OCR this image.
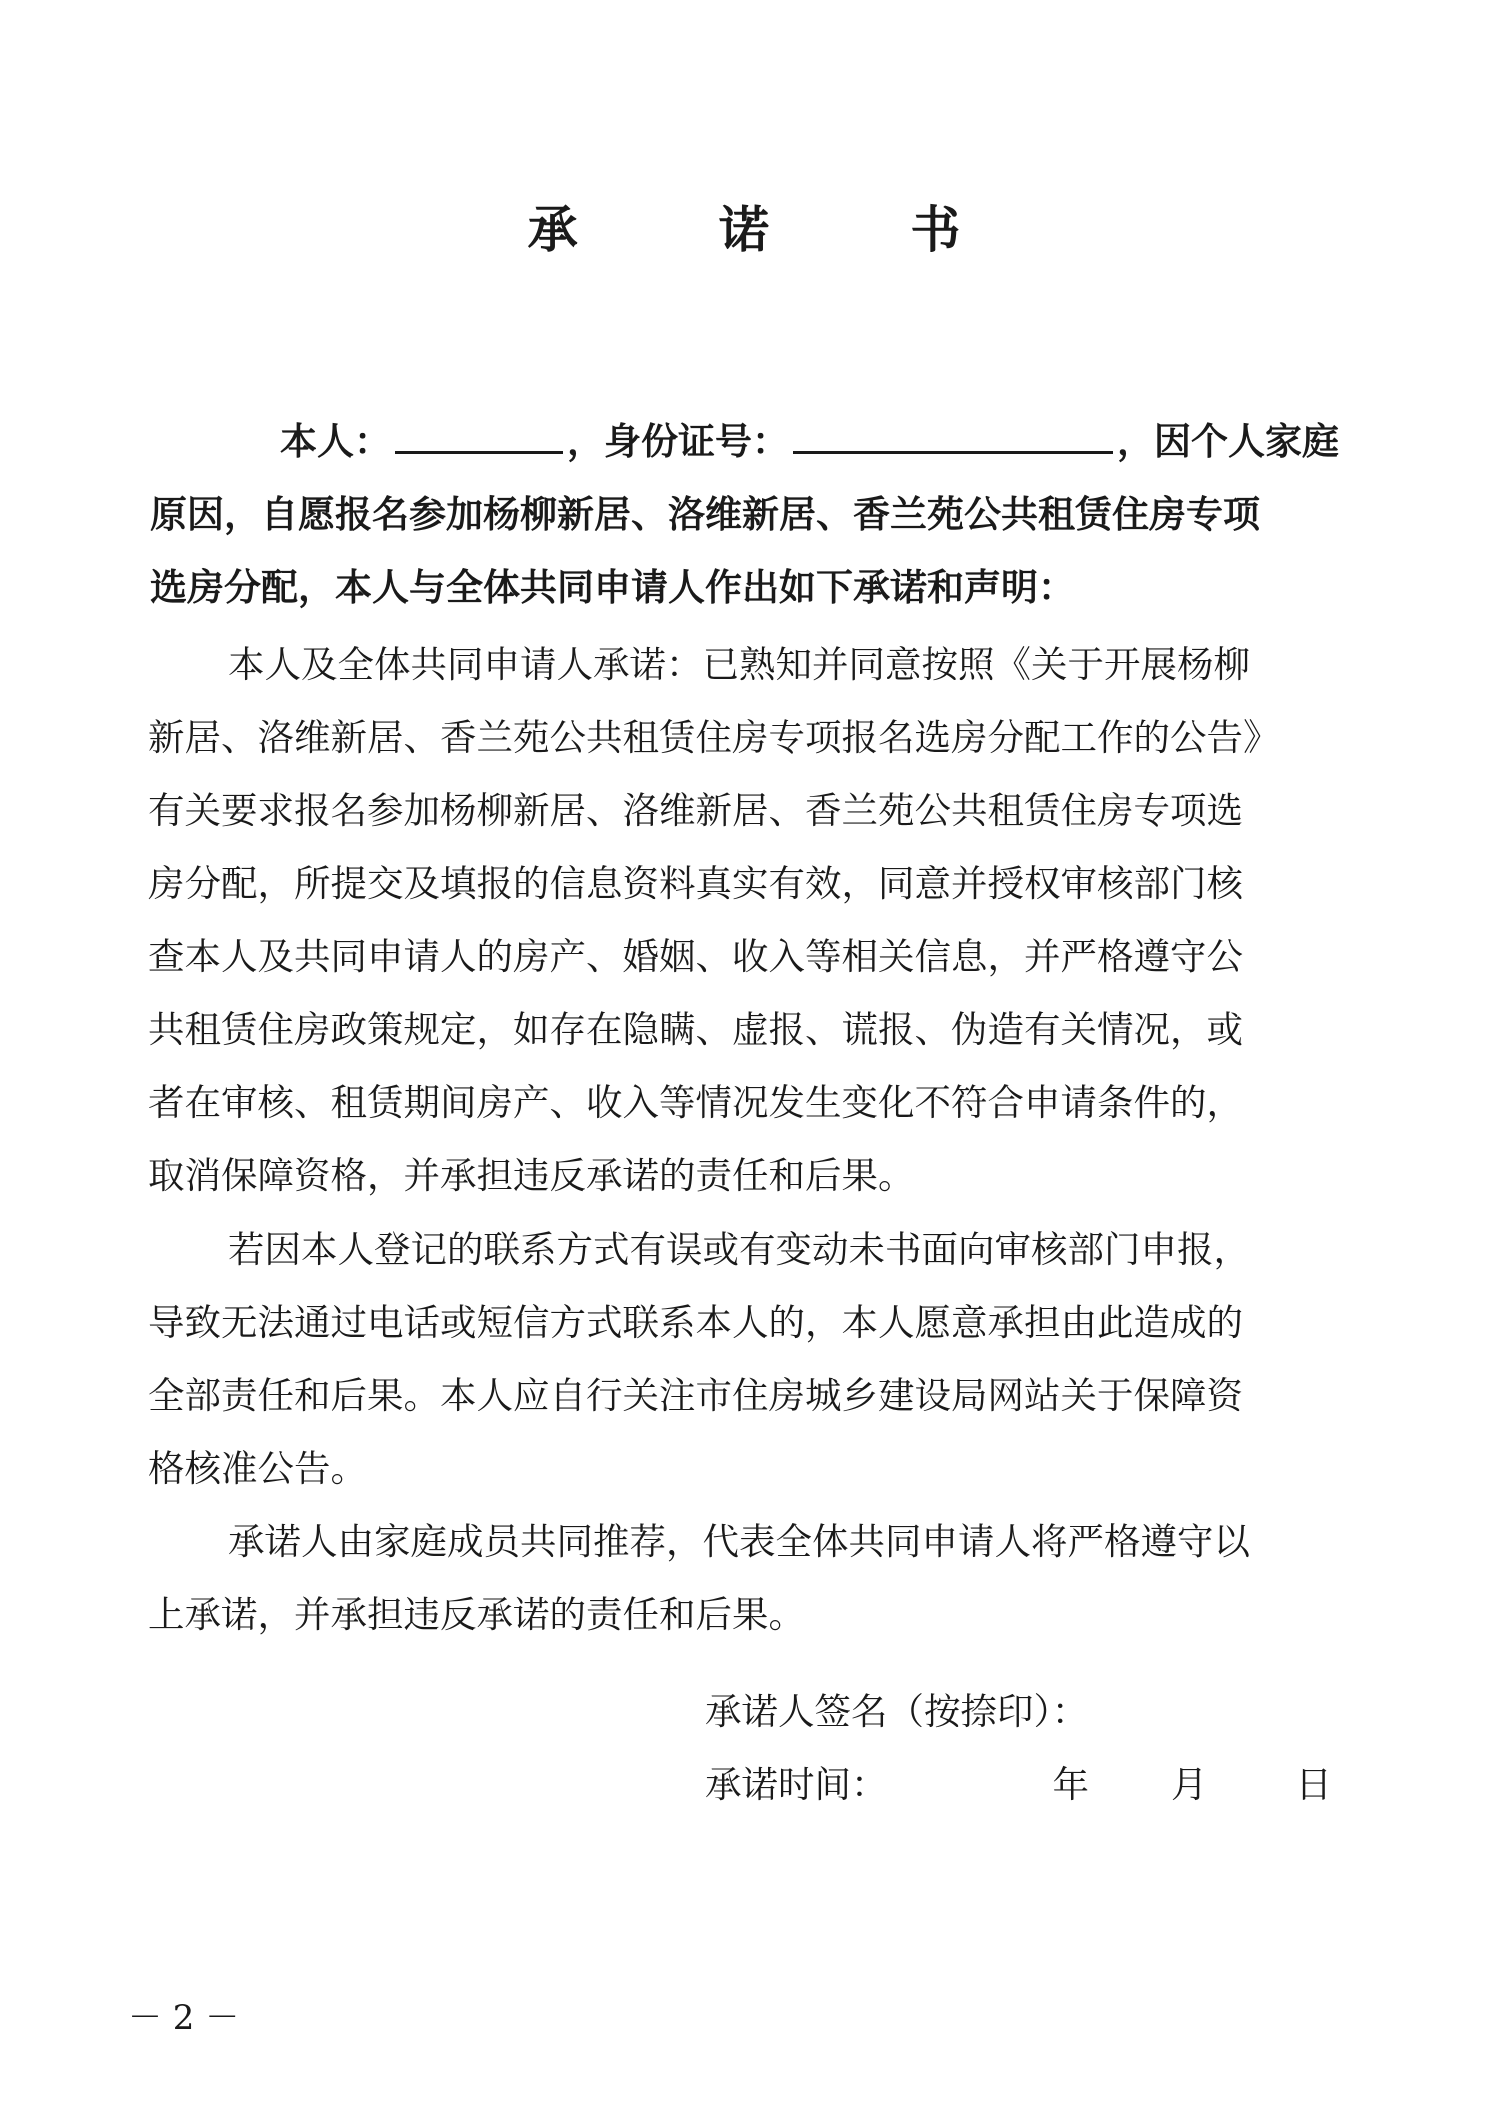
承 诺 书
本人：	，身份证号：	，因个人家庭
原因，自愿报名参加杨柳新居、洛维新居、香兰苑公共租赁住房专项
选房分配，本人与全体共同申请人作出如下承诺和声明：
本人及全体共同申请人承诺：已熟知并同意按照《关于开展杨柳
新居、洛维新居、香兰苑公共租赁住房专项报名选房分配工作的公告》
有关要求报名参加杨柳新居、洛维新居、香兰苑公共租赁住房专项选
房分配，所提交及填报的信息资料真实有效，同意并授权审核部门核
查本人及共同申请人的房产、婚姻、收入等相关信息，并严格遵守公
共租赁住房政策规定，如存在隐瞒、虚报、谎报、伪造有关情况，或
者在审核、租赁期间房产、收入等情况发生变化不符合申请条件的，
取消保障资格，并承担违反承诺的责任和后果。
若因本人登记的联系方式有误或有变动未书面向审核部门申报，
导致无法通过电话或短信方式联系本人的，本人愿意承担由此造成的
全部责任和后果。本人应自行关注市住房城乡建设局网站关于保障资
格核准公告。
承诺人由家庭成员共同推荐，代表全体共同申请人将严格遵守以
上承诺，并承担违反承诺的责任和后果。
承诺人签名（按捺印）：
承诺时间：	年 月 日
－ 2 －
